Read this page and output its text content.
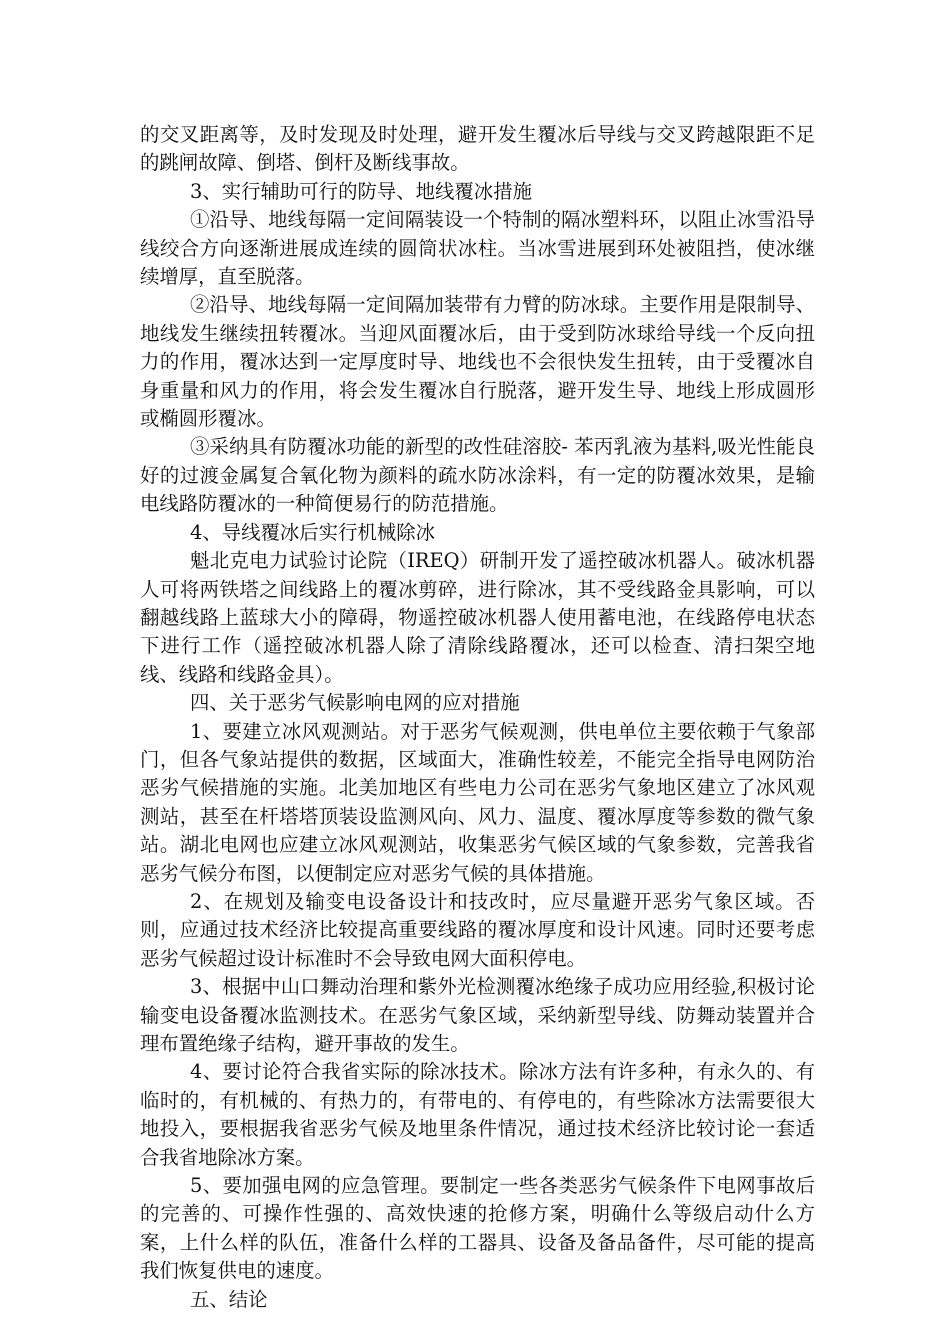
的交叉距离等，及时发现及时处理，避开发生覆冰后导线与交叉跨越限距不足的跳闸故障、倒塔、倒杆及断线事故。

3、实行辅助可行的防导、地线覆冰措施

①沿导、地线每隔一定间隔装设一个特制的隔冰塑料环，以阻止冰雪沿导线绞合方向逐渐进展成连续的圆筒状冰柱。当冰雪进展到环处被阻挡，使冰继续增厚，直至脱落。

②沿导、地线每隔一定间隔加装带有力臂的防冰球。主要作用是限制导、地线发生继续扭转覆冰。当迎风面覆冰后，由于受到防冰球给导线一个反向扭力的作用，覆冰达到一定厚度时导、地线也不会很快发生扭转，由于受覆冰自身重量和风力的作用，将会发生覆冰自行脱落，避开发生导、地线上形成圆形或椭圆形覆冰。

③采纳具有防覆冰功能的新型的改性硅溶胶- 苯丙乳液为基料,吸光性能良好的过渡金属复合氧化物为颜料的疏水防冰涂料，有一定的防覆冰效果，是输电线路防覆冰的一种简便易行的防范措施。

4、导线覆冰后实行机械除冰

魁北克电力试验讨论院（IREQ）研制开发了遥控破冰机器人。破冰机器人可将两铁塔之间线路上的覆冰剪碎，进行除冰，其不受线路金具影响，可以翻越线路上蓝球大小的障碍，物遥控破冰机器人使用蓄电池，在线路停电状态下进行工作（遥控破冰机器人除了清除线路覆冰，还可以检查、清扫架空地线、线路和线路金具）。

四、关于恶劣气候影响电网的应对措施

1、要建立冰风观测站。对于恶劣气候观测，供电单位主要依赖于气象部门，但各气象站提供的数据，区域面大，准确性较差，不能完全指导电网防治恶劣气候措施的实施。北美加地区有些电力公司在恶劣气象地区建立了冰风观测站，甚至在杆塔塔顶装设监测风向、风力、温度、覆冰厚度等参数的微气象站。湖北电网也应建立冰风观测站，收集恶劣气候区域的气象参数，完善我省恶劣气候分布图，以便制定应对恶劣气候的具体措施。

2、在规划及输变电设备设计和技改时，应尽量避开恶劣气象区域。否则，应通过技术经济比较提高重要线路的覆冰厚度和设计风速。同时还要考虑恶劣气候超过设计标准时不会导致电网大面积停电。

3、根据中山口舞动治理和紫外光检测覆冰绝缘子成功应用经验,积极讨论输变电设备覆冰监测技术。在恶劣气象区域，采纳新型导线、防舞动装置并合理布置绝缘子结构，避开事故的发生。

4、要讨论符合我省实际的除冰技术。除冰方法有许多种，有永久的、有临时的，有机械的、有热力的，有带电的、有停电的，有些除冰方法需要很大地投入，要根据我省恶劣气候及地里条件情况，通过技术经济比较讨论一套适合我省地除冰方案。

5、要加强电网的应急管理。要制定一些各类恶劣气候条件下电网事故后的完善的、可操作性强的、高效快速的抢修方案，明确什么等级启动什么方案，上什么样的队伍，准备什么样的工器具、设备及备品备件，尽可能的提高我们恢复供电的速度。

五、结论
